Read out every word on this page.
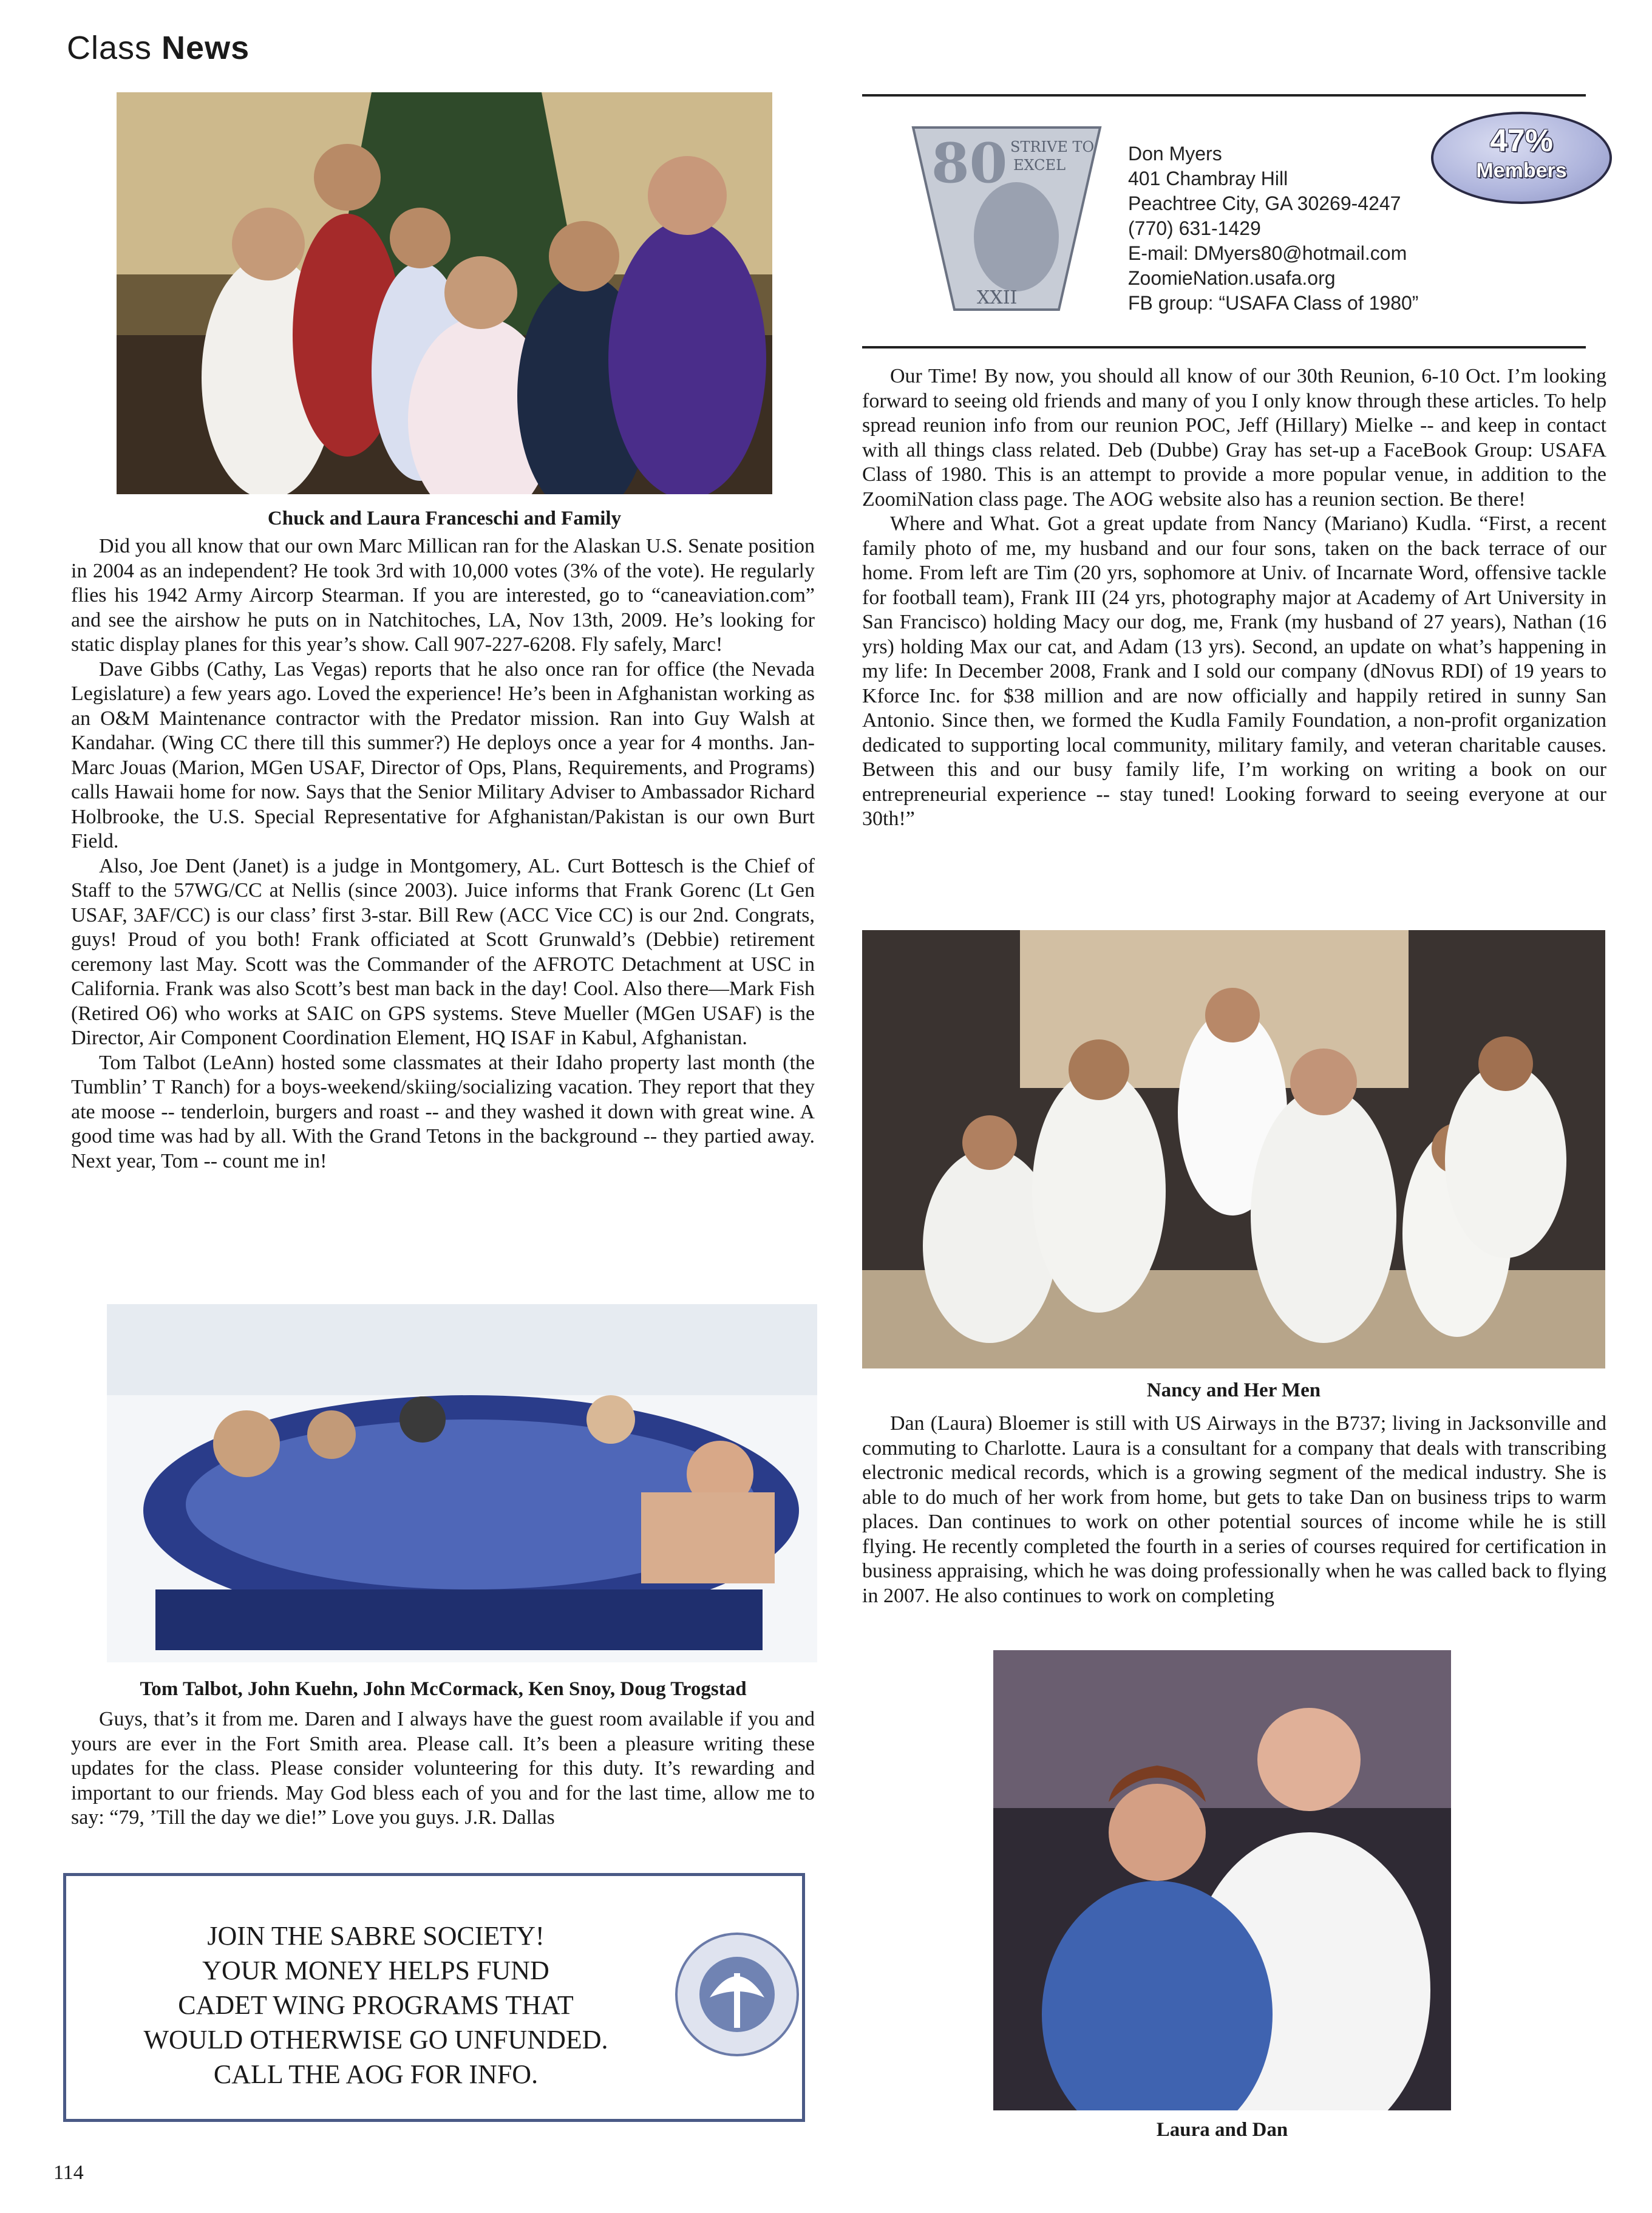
Class News
Chuck and Laura Franceschi and Family

Did you all know that our own Marc Millican ran for the Alaskan U.S. Senate position in 2004 as an independent? He took 3rd with 10,000 votes (3% of the vote). He regularly flies his 1942 Army Aircorp Stearman. If you are interested, go to “caneaviation.com” and see the airshow he puts on in Natchitoches, LA, Nov 13th, 2009. He’s looking for static display planes for this year’s show. Call 907-227-6208. Fly safely, Marc!

Dave Gibbs (Cathy, Las Vegas) reports that he also once ran for office (the Nevada Legislature) a few years ago. Loved the experience! He’s been in Afghanistan working as an O&M Maintenance contractor with the Predator mission. Ran into Guy Walsh at Kandahar. (Wing CC there till this summer?) He deploys once a year for 4 months. Jan-Marc Jouas (Marion, MGen USAF, Director of Ops, Plans, Requirements, and Programs) calls Hawaii home for now. Says that the Senior Military Adviser to Ambassador Richard Holbrooke, the U.S. Special Representative for Afghanistan/Pakistan is our own Burt Field.

Also, Joe Dent (Janet) is a judge in Montgomery, AL. Curt Bottesch is the Chief of Staff to the 57WG/CC at Nellis (since 2003). Juice informs that Frank Gorenc (Lt Gen USAF, 3AF/CC) is our class’ first 3-star. Bill Rew (ACC Vice CC) is our 2nd. Congrats, guys! Proud of you both! Frank officiated at Scott Grunwald’s (Debbie) retirement ceremony last May. Scott was the Commander of the AFROTC Detachment at USC in California. Frank was also Scott’s best man back in the day! Cool. Also there—Mark Fish (Retired O6) who works at SAIC on GPS systems. Steve Mueller (MGen USAF) is the Director, Air Component Coordination Element, HQ ISAF in Kabul, Afghanistan.

Tom Talbot (LeAnn) hosted some classmates at their Idaho property last month (the Tumblin’ T Ranch) for a boys-weekend/skiing/socializing vacation. They report that they ate moose -- tenderloin, burgers and roast -- and they washed it down with great wine. A good time was had by all. With the Grand Tetons in the background -- they partied away. Next year, Tom -- count me in!

Tom Talbot, John Kuehn, John McCormack, Ken Snoy, Doug Trogstad

Guys, that’s it from me. Daren and I always have the guest room available if you and yours are ever in the Fort Smith area. Please call. It’s been a pleasure writing these updates for the class. Please consider volunteering for this duty. It’s rewarding and important to our friends. May God bless each of you and for the last time, allow me to say: “79, ’Till the day we die!” Love you guys. J.R. Dallas

JOIN THE SABRE SOCIETY!
YOUR MONEY HELPS FUND
CADET WING PROGRAMS THAT
WOULD OTHERWISE GO UNFUNDED.
CALL THE AOG FOR INFO.
114
80 STRIVE TO
EXCEL
XXII
Don Myers
401 Chambray Hill
Peachtree City, GA 30269-4247
(770) 631-1429
E-mail: DMyers80@hotmail.com
ZoomieNation.usafa.org
FB group: “USAFA Class of 1980”
47%
Members

Our Time! By now, you should all know of our 30th Reunion, 6-10 Oct. I’m looking forward to seeing old friends and many of you I only know through these articles. To help spread reunion info from our reunion POC, Jeff (Hillary) Mielke -- and keep in contact with all things class related. Deb (Dubbe) Gray has set-up a FaceBook Group: USAFA Class of 1980. This is an attempt to provide a more popular venue, in addition to the ZoomiNation class page. The AOG website also has a reunion section. Be there!

Where and What. Got a great update from Nancy (Mariano) Kudla. “First, a recent family photo of me, my husband and our four sons, taken on the back terrace of our home. From left are Tim (20 yrs, sophomore at Univ. of Incarnate Word, offensive tackle for football team), Frank III (24 yrs, photography major at Academy of Art University in San Francisco) holding Macy our dog, me, Frank (my husband of 27 years), Nathan (16 yrs) holding Max our cat, and Adam (13 yrs). Second, an update on what’s happening in my life: In December 2008, Frank and I sold our company (dNovus RDI) of 19 years to Kforce Inc. for $38 million and are now officially and happily retired in sunny San Antonio. Since then, we formed the Kudla Family Foundation, a non-profit organization dedicated to supporting local community, military family, and veteran charitable causes. Between this and our busy family life, I’m working on writing a book on our entrepreneurial experience -- stay tuned! Looking forward to seeing everyone at our 30th!”

Nancy and Her Men

Dan (Laura) Bloemer is still with US Airways in the B737; living in Jacksonville and commuting to Charlotte. Laura is a consultant for a company that deals with transcribing electronic medical records, which is a growing segment of the medical industry. She is able to do much of her work from home, but gets to take Dan on business trips to warm places. Dan continues to work on other potential sources of income while he is still flying. He recently completed the fourth in a series of courses required for certification in business appraising, which he was doing professionally when he was called back to flying in 2007. He also continues to work on completing

Laura and Dan
